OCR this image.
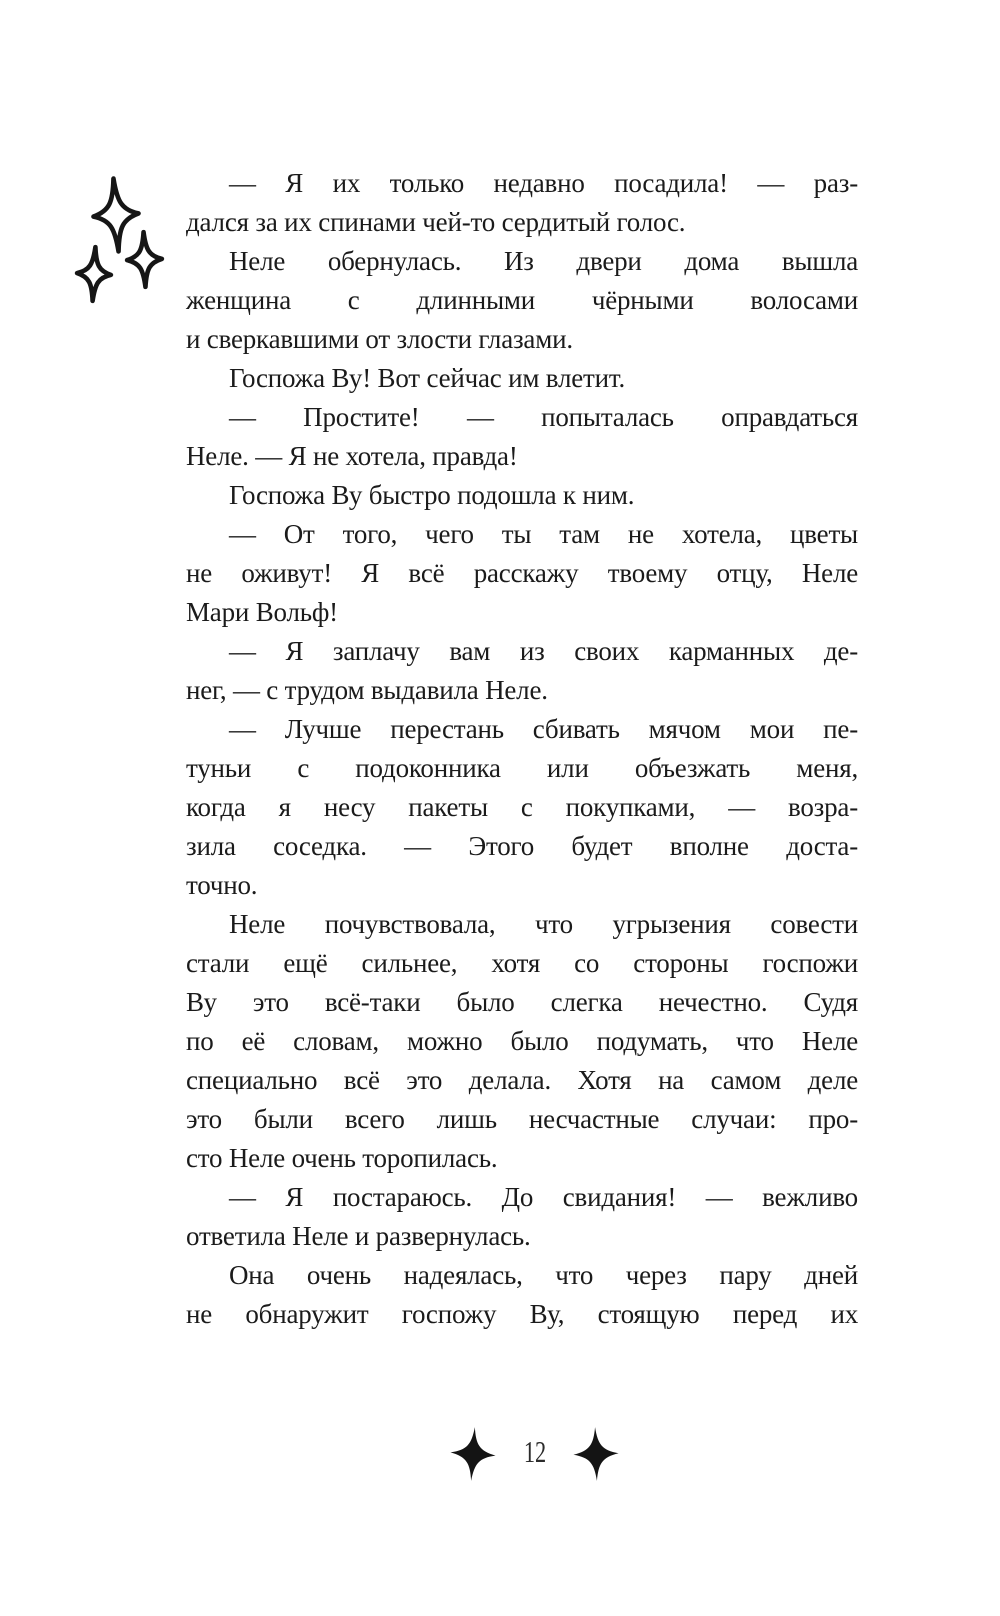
— Я их только недавно посадила! — раз-
дался за их спинами чей-то сердитый голос.
Неле обернулась. Из двери дома вышла
женщина с длинными чёрными волосами
и сверкавшими от злости глазами.
Госпожа Ву! Вот сейчас им влетит.
— Простите! — попыталась оправдаться
Неле. — Я не хотела, правда!
Госпожа Ву быстро подошла к ним.
— От того, чего ты там не хотела, цветы
не оживут! Я всё расскажу твоему отцу, Неле
Мари Вольф!
— Я заплачу вам из своих карманных де-
нег, — с трудом выдавила Неле.
— Лучше перестань сбивать мячом мои пе-
туньи с подоконника или объезжать меня,
когда я несу пакеты с покупками, — возра-
зила соседка. — Этого будет вполне доста-
точно.
Неле почувствовала, что угрызения совести
стали ещё сильнее, хотя со стороны госпожи
Ву это всё-таки было слегка нечестно. Судя
по её словам, можно было подумать, что Неле
специально всё это делала. Хотя на самом деле
это были всего лишь несчастные случаи: про-
сто Неле очень торопилась.
— Я постараюсь. До свидания! — вежливо
ответила Неле и развернулась.
Она очень надеялась, что через пару дней
не обнаружит госпожу Ву, стоящую перед их
12
